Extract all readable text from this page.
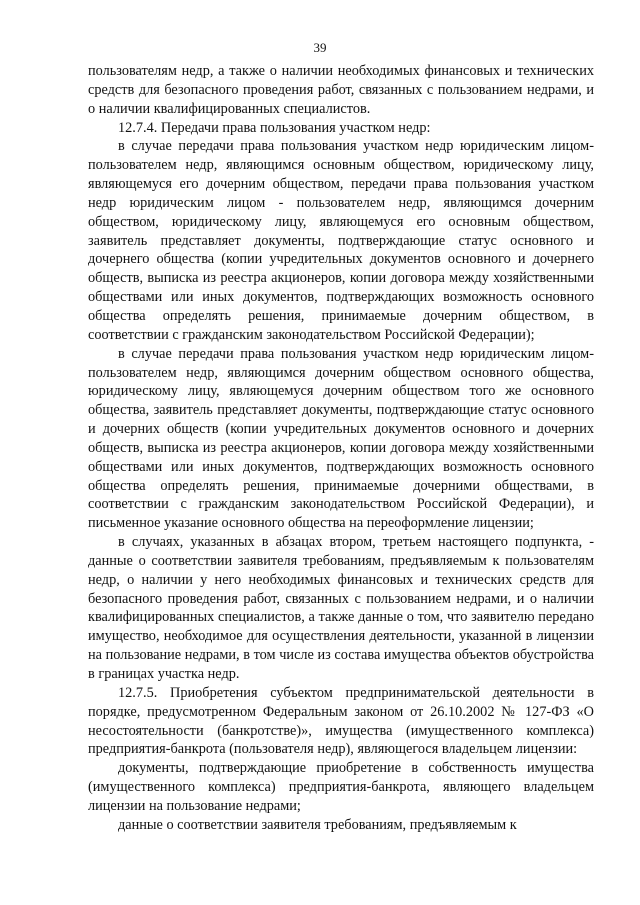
39

пользователям недр, а также о наличии необходимых финансовых и технических средств для безопасного проведения работ, связанных с пользованием недрами, и о наличии квалифицированных специалистов.

12.7.4. Передачи права пользования участком недр:

в случае передачи права пользования участком недр юридическим лицом- пользователем недр, являющимся основным обществом, юридическому лицу, являющемуся его дочерним обществом, передачи права пользования участком недр юридическим лицом - пользователем недр, являющимся дочерним обществом, юридическому лицу, являющемуся его основным обществом, заявитель представляет документы, подтверждающие статус основного и дочернего общества (копии учредительных документов основного и дочернего обществ, выписка из реестра акционеров, копии договора между хозяйственными обществами или иных документов, подтверждающих возможность основного общества определять решения, принимаемые дочерним обществом, в соответствии с гражданским законодательством Российской Федерации);

в случае передачи права пользования участком недр юридическим лицом- пользователем недр, являющимся дочерним обществом основного общества, юридическому лицу, являющемуся дочерним обществом того же основного общества, заявитель представляет документы, подтверждающие статус основного и дочерних обществ (копии учредительных документов основного и дочерних обществ, выписка из реестра акционеров, копии договора между хозяйственными обществами или иных документов, подтверждающих возможность основного общества определять решения, принимаемые дочерними обществами, в соответствии с гражданским законодательством Российской Федерации), и письменное указание основного общества на переоформление лицензии;

в случаях, указанных в абзацах втором, третьем настоящего подпункта, - данные о соответствии заявителя требованиям, предъявляемым к пользователям недр, о наличии у него необходимых финансовых и технических средств для безопасного проведения работ, связанных с пользованием недрами, и о наличии квалифицированных специалистов, а также данные о том, что заявителю передано имущество, необходимое для осуществления деятельности, указанной в лицензии на пользование недрами, в том числе из состава имущества объектов обустройства в границах участка недр.

12.7.5. Приобретения субъектом предпринимательской деятельности в порядке, предусмотренном Федеральным законом от 26.10.2002 № 127-ФЗ «О несостоятельности (банкротстве)», имущества (имущественного комплекса) предприятия-банкрота (пользователя недр), являющегося владельцем лицензии:

документы, подтверждающие приобретение в собственность имущества (имущественного комплекса) предприятия-банкрота, являющего владельцем лицензии на пользование недрами;

данные о соответствии заявителя требованиям, предъявляемым к
